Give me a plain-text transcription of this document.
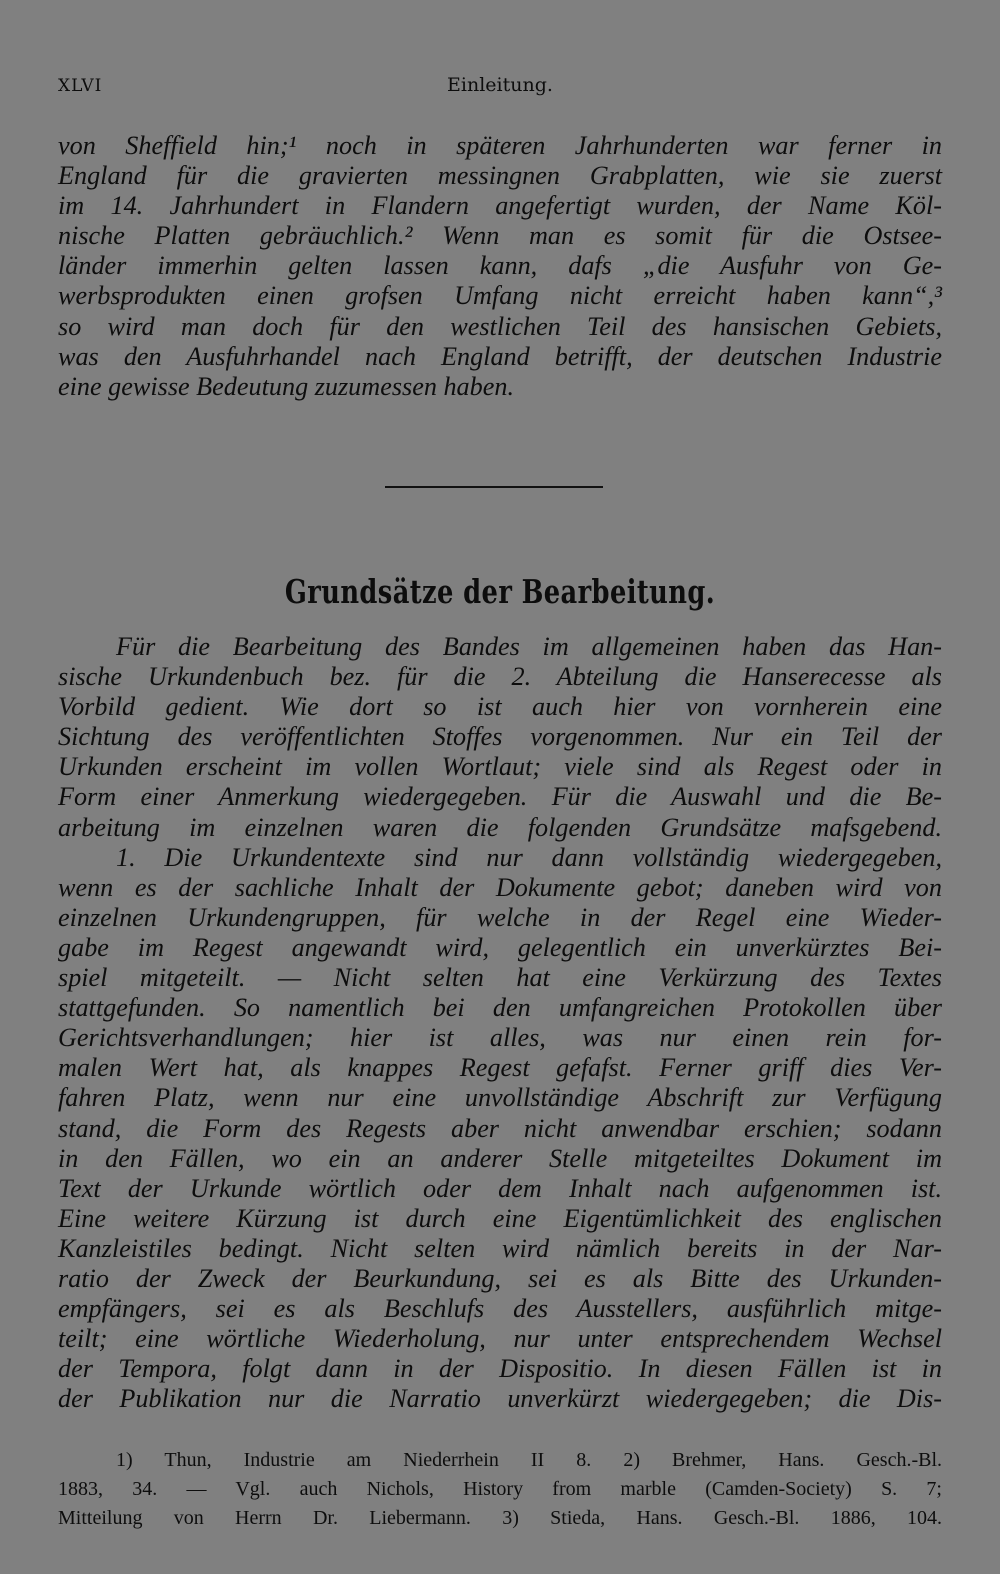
XLVI	Einleitung.
von Sheffield hin;¹ noch in späteren Jahrhunderten war ferner in
England für die gravierten messingnen Grabplatten, wie sie zuerst
im 14. Jahrhundert in Flandern angefertigt wurden, der Name Köl-
nische Platten gebräuchlich.² Wenn man es somit für die Ostsee-
länder immerhin gelten lassen kann, dafs „die Ausfuhr von Ge-
werbsprodukten einen grofsen Umfang nicht erreicht haben kann“,³
so wird man doch für den westlichen Teil des hansischen Gebiets,
was den Ausfuhrhandel nach England betrifft, der deutschen Industrie
eine gewisse Bedeutung zuzumessen haben.
Grundsätze der Bearbeitung.
Für die Bearbeitung des Bandes im allgemeinen haben das Han-
sische Urkundenbuch bez. für die 2. Abteilung die Hanserecesse als
Vorbild gedient. Wie dort so ist auch hier von vornherein eine
Sichtung des veröffentlichten Stoffes vorgenommen. Nur ein Teil der
Urkunden erscheint im vollen Wortlaut; viele sind als Regest oder in
Form einer Anmerkung wiedergegeben. Für die Auswahl und die Be-
arbeitung im einzelnen waren die folgenden Grundsätze mafsgebend.
1. Die Urkundentexte sind nur dann vollständig wiedergegeben,
wenn es der sachliche Inhalt der Dokumente gebot; daneben wird von
einzelnen Urkundengruppen, für welche in der Regel eine Wieder-
gabe im Regest angewandt wird, gelegentlich ein unverkürztes Bei-
spiel mitgeteilt. — Nicht selten hat eine Verkürzung des Textes
stattgefunden. So namentlich bei den umfangreichen Protokollen über
Gerichtsverhandlungen; hier ist alles, was nur einen rein for-
malen Wert hat, als knappes Regest gefafst. Ferner griff dies Ver-
fahren Platz, wenn nur eine unvollständige Abschrift zur Verfügung
stand, die Form des Regests aber nicht anwendbar erschien; sodann
in den Fällen, wo ein an anderer Stelle mitgeteiltes Dokument im
Text der Urkunde wörtlich oder dem Inhalt nach aufgenommen ist.
Eine weitere Kürzung ist durch eine Eigentümlichkeit des englischen
Kanzleistiles bedingt. Nicht selten wird nämlich bereits in der Nar-
ratio der Zweck der Beurkundung, sei es als Bitte des Urkunden-
empfängers, sei es als Beschlufs des Ausstellers, ausführlich mitge-
teilt; eine wörtliche Wiederholung, nur unter entsprechendem Wechsel
der Tempora, folgt dann in der Dispositio. In diesen Fällen ist in
der Publikation nur die Narratio unverkürzt wiedergegeben; die Dis-
1) Thun, Industrie am Niederrhein II 8. 2) Brehmer, Hans. Gesch.-Bl.
1883, 34. — Vgl. auch Nichols, History from marble (Camden-Society) S. 7;
Mitteilung von Herrn Dr. Liebermann. 3) Stieda, Hans. Gesch.-Bl. 1886, 104.
